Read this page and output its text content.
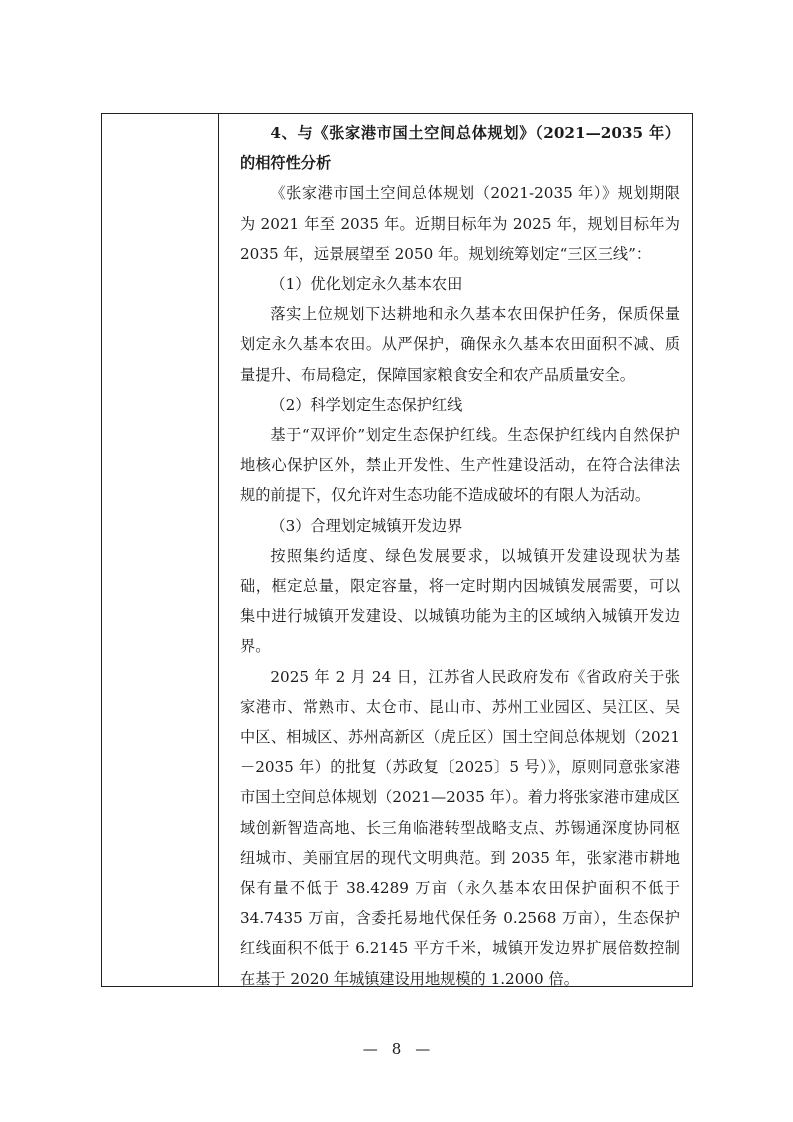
4、与《张家港市国土空间总体规划》（2021—2035 年）的相符性分析

《张家港市国土空间总体规划（2021-2035 年）》规划期限为 2021 年至 2035 年。近期目标年为 2025 年，规划目标年为 2035 年，远景展望至 2050 年。规划统筹划定“三区三线”：

（1）优化划定永久基本农田

落实上位规划下达耕地和永久基本农田保护任务，保质保量划定永久基本农田。从严保护，确保永久基本农田面积不减、质量提升、布局稳定，保障国家粮食安全和农产品质量安全。

（2）科学划定生态保护红线

基于“双评价”划定生态保护红线。生态保护红线内自然保护地核心保护区外，禁止开发性、生产性建设活动，在符合法律法规的前提下，仅允许对生态功能不造成破坏的有限人为活动。

（3）合理划定城镇开发边界

按照集约适度、绿色发展要求，以城镇开发建设现状为基础，框定总量，限定容量，将一定时期内因城镇发展需要，可以集中进行城镇开发建设、以城镇功能为主的区域纳入城镇开发边界。

2025 年 2 月 24 日，江苏省人民政府发布《省政府关于张家港市、常熟市、太仓市、昆山市、苏州工业园区、吴江区、吴中区、相城区、苏州高新区（虎丘区）国土空间总体规划（2021－2035 年）的批复（苏政复〔2025〕5 号）》，原则同意张家港市国土空间总体规划（2021—2035 年）。着力将张家港市建成区域创新智造高地、长三角临港转型战略支点、苏锡通深度协同枢纽城市、美丽宜居的现代文明典范。到 2035 年，张家港市耕地保有量不低于 38.4289 万亩（永久基本农田保护面积不低于 34.7435 万亩，含委托易地代保任务 0.2568 万亩），生态保护红线面积不低于 6.2145 平方千米，城镇开发边界扩展倍数控制在基于 2020 年城镇建设用地规模的 1.2000 倍。

— 8 —
